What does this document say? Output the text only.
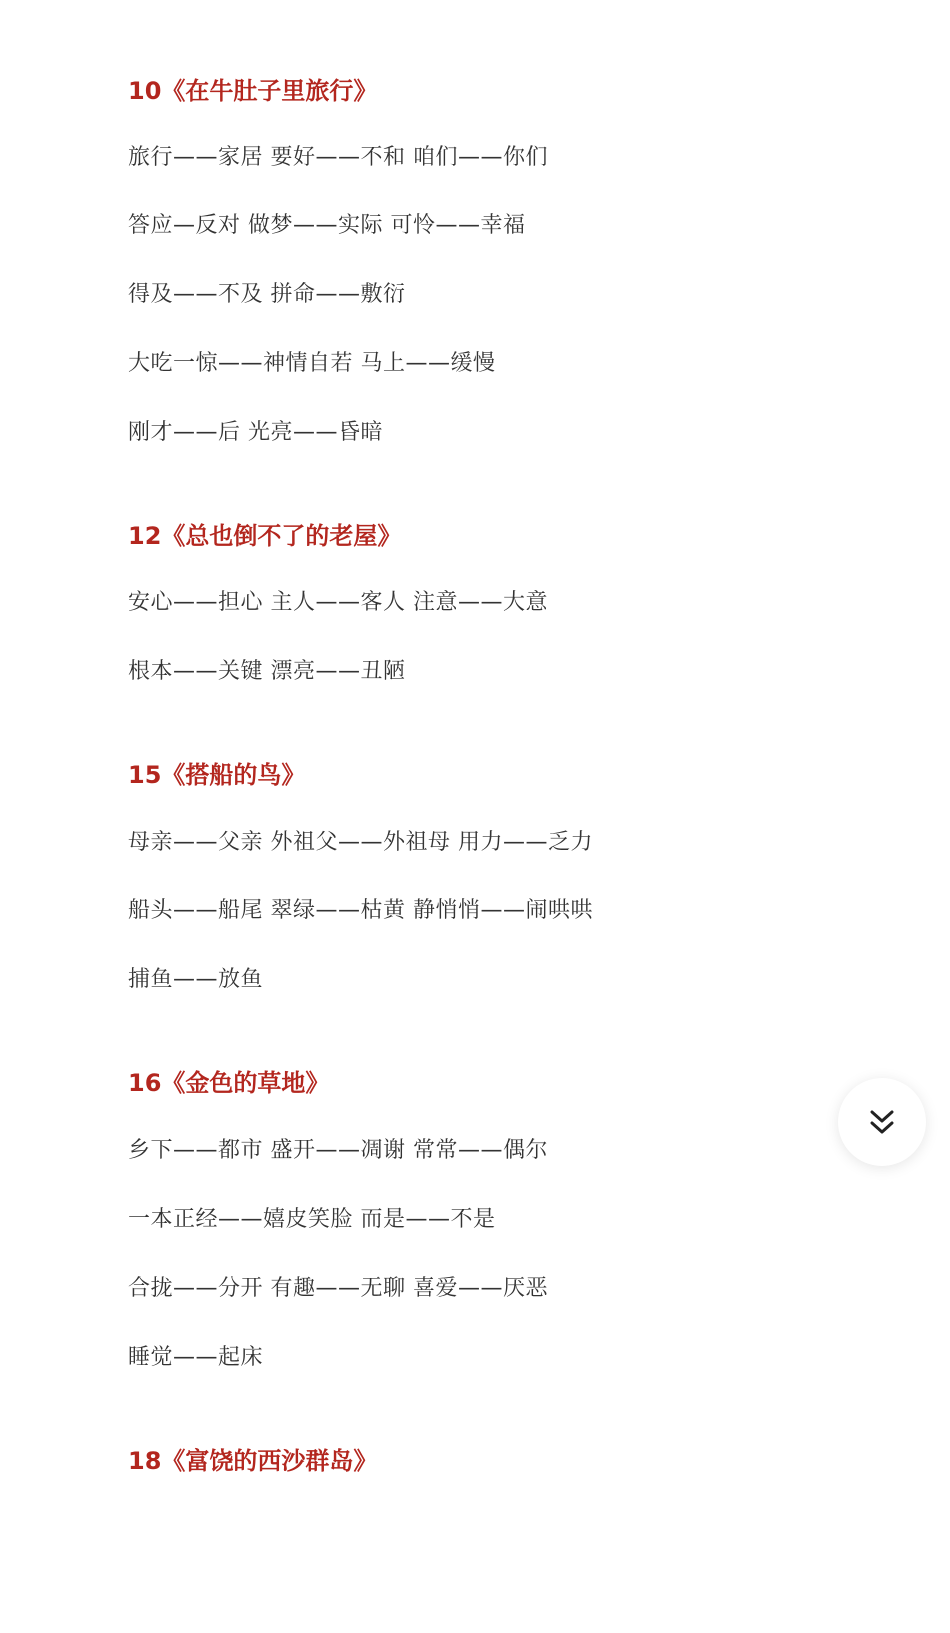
10《在牛肚子里旅行》
旅行——家居 要好——不和 咱们——你们
答应—反对 做梦——实际 可怜——幸福
得及——不及 拼命——敷衍
大吃一惊——神情自若 马上——缓慢
刚才——后 光亮——昏暗
12《总也倒不了的老屋》
安心——担心 主人——客人 注意——大意
根本——关键 漂亮——丑陋
15《搭船的鸟》
母亲——父亲 外祖父——外祖母 用力——乏力
船头——船尾 翠绿——枯黄 静悄悄——闹哄哄
捕鱼——放鱼
16《金色的草地》
乡下——都市 盛开——凋谢 常常——偶尔
一本正经——嬉皮笑脸 而是——不是
合拢——分开 有趣——无聊 喜爱——厌恶
睡觉——起床
18《富饶的西沙群岛》
